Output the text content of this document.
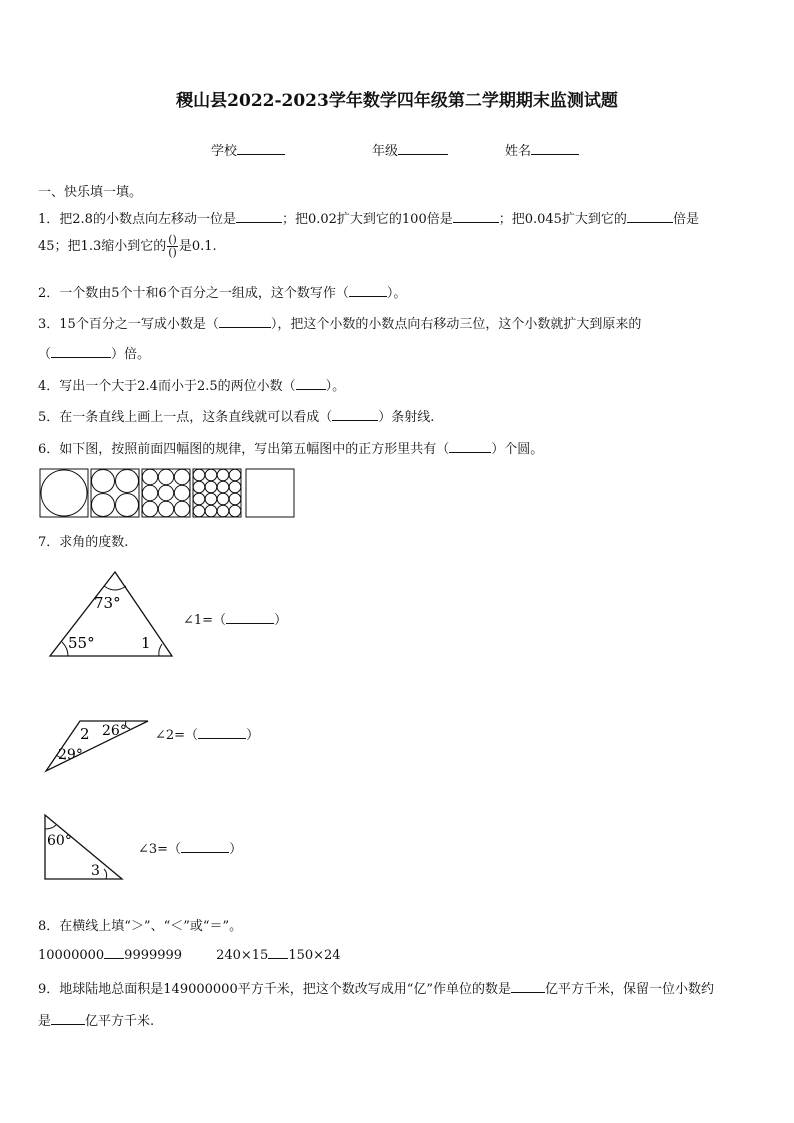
稷山县2022-2023学年数学四年级第二学期期末监测试题
学校	年级	姓名
一、快乐填一填。
1．把2.8的小数点向左移动一位是	；把0.02扩大到它的100倍是	；把0.045扩大到它的	倍是
45；把1.3缩小到它的 $\frac{()}{()}$ 是0.1.
2．一个数由5个十和6个百分之一组成，这个数写作（	）。
3．15个百分之一写成小数是（	），把这个小数的小数点向右移动三位，这个小数就扩大到原来的
（	）倍。
4．写出一个大于2.4而小于2.5的两位小数（ ）。
5．在一条直线上画上一点，这条直线就可以看成（	）条射线.
6．如下图，按照前面四幅图的规律，写出第五幅图中的正方形里共有（	）个圆。
7．求角的度数.
73°
55°	1
∠1=（	）
2 26°
29°
∠2=（	）
60°
3
∠3=（	）
8．在横线上填“＞”、“＜”或“＝”。
10000000 9999999	240×15 150×24
9．地球陆地总面积是149000000平方千米，把这个数改写成用“亿”作单位的数是	亿平方千米，保留一位小数约
是	亿平方千米.
